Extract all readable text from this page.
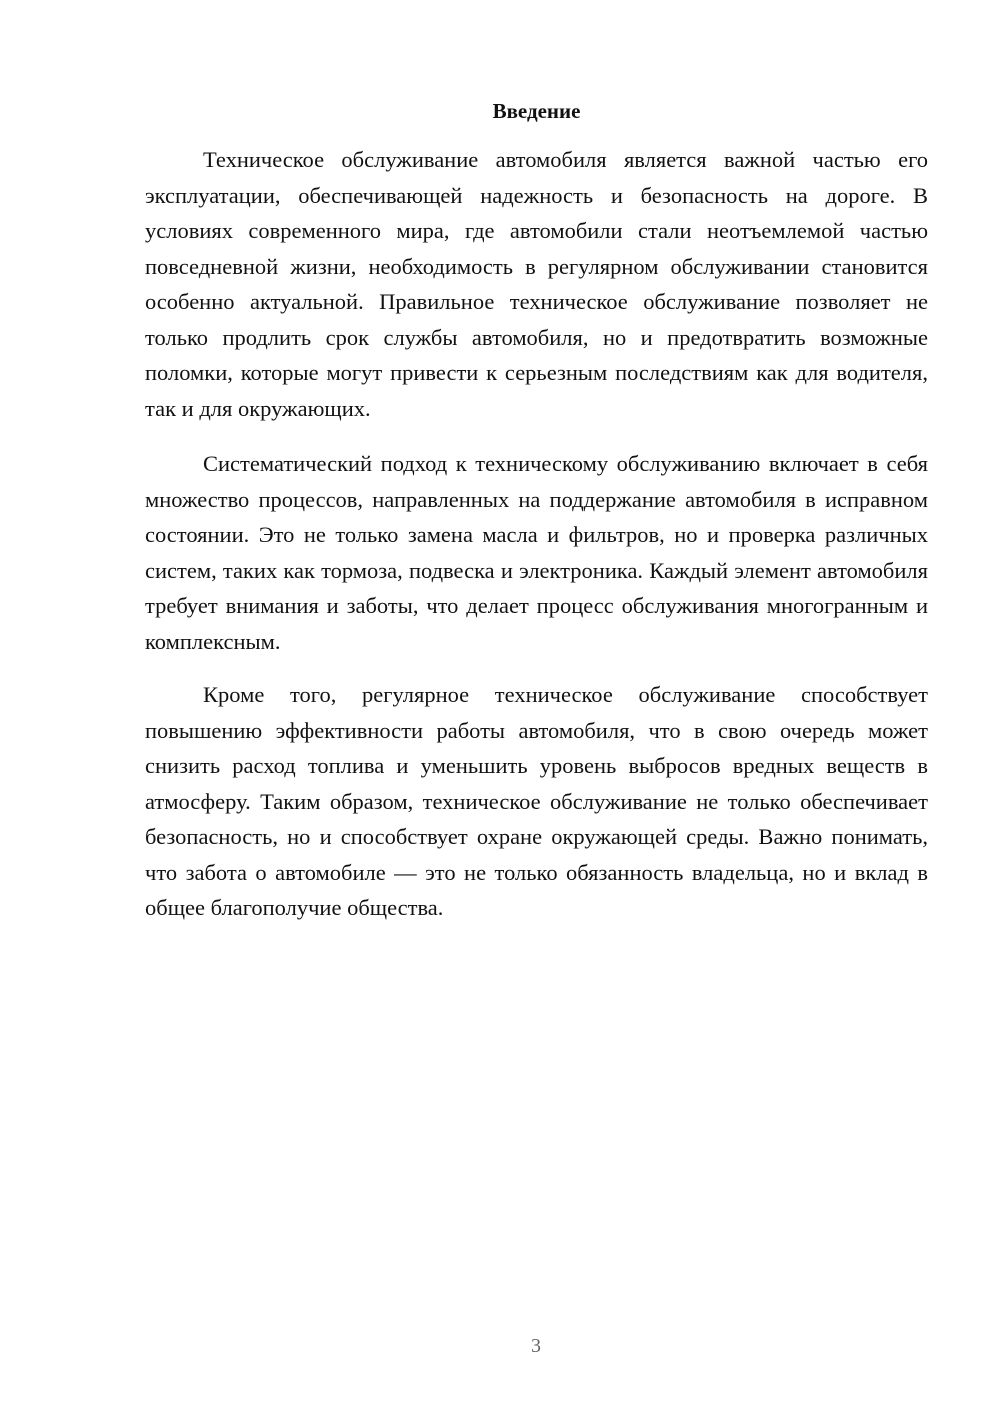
Введение

Техническое обслуживание автомобиля является важной частью его эксплуатации, обеспечивающей надежность и безопасность на дороге. В условиях современного мира, где автомобили стали неотъемлемой частью повседневной жизни, необходимость в регулярном обслуживании становится особенно актуальной. Правильное техническое обслуживание позволяет не только продлить срок службы автомобиля, но и предотвратить возможные поломки, которые могут привести к серьезным последствиям как для водителя, так и для окружающих.

Систематический подход к техническому обслуживанию включает в себя множество процессов, направленных на поддержание автомобиля в исправном состоянии. Это не только замена масла и фильтров, но и проверка различных систем, таких как тормоза, подвеска и электроника. Каждый элемент автомобиля требует внимания и заботы, что делает процесс обслуживания многогранным и комплексным.

Кроме того, регулярное техническое обслуживание способствует повышению эффективности работы автомобиля, что в свою очередь может снизить расход топлива и уменьшить уровень выбросов вредных веществ в атмосферу. Таким образом, техническое обслуживание не только обеспечивает безопасность, но и способствует охране окружающей среды. Важно понимать, что забота о автомобиле — это не только обязанность владельца, но и вклад в общее благополучие общества.

3
